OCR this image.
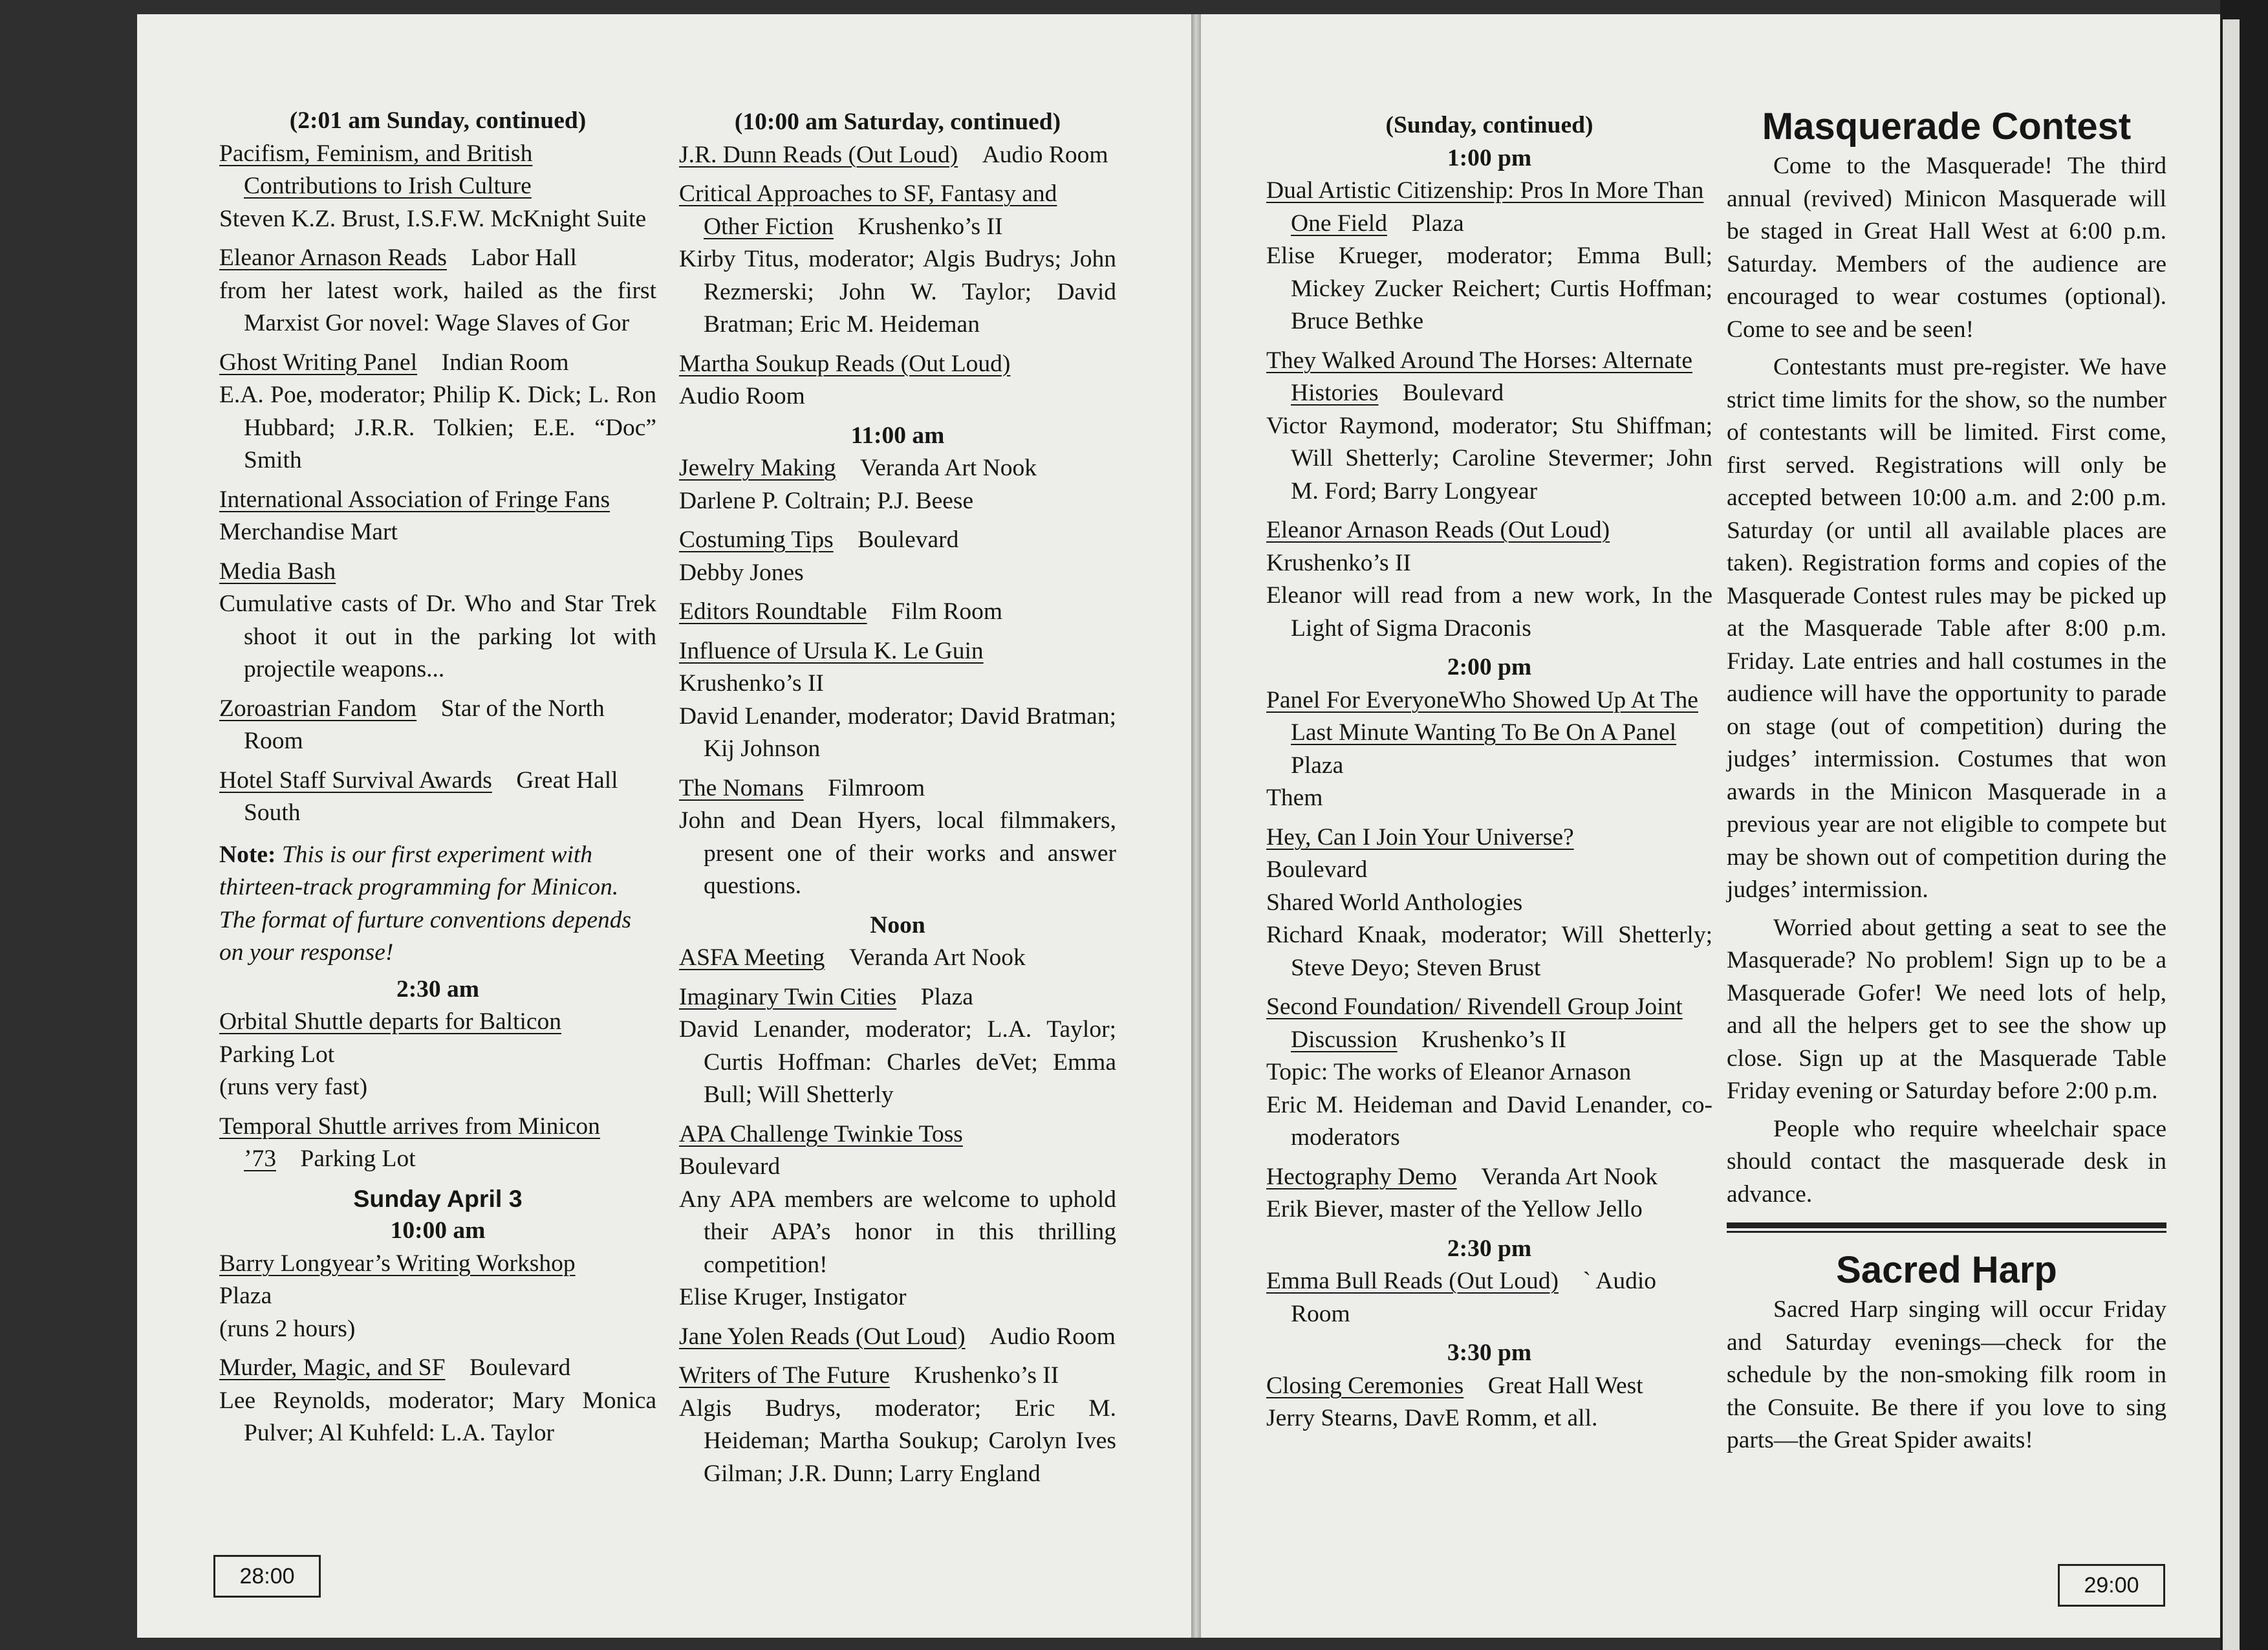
(2:01 am Sunday, continued)
Pacifism, Feminism, and British Contributions to Irish Culture
Steven K.Z. Brust, I.S.F.W. McKnight Suite
Eleanor Arnason Reads  Labor Hall
from her latest work, hailed as the first Marxist Gor novel: Wage Slaves of Gor
Ghost Writing Panel  Indian Room
E.A. Poe, moderator; Philip K. Dick; L. Ron Hubbard; J.R.R. Tolkien; E.E. “Doc” Smith
International Association of Fringe Fans
Merchandise Mart
Media Bash
Cumulative casts of Dr. Who and Star Trek shoot it out in the parking lot with projectile weapons...
Zoroastrian Fandom  Star of the North Room
Hotel Staff Survival Awards  Great Hall South
Note: This is our first experiment with thirteen-track programming for Minicon. The format of furture conventions depends on your response!
2:30 am
Orbital Shuttle departs for Balticon
Parking Lot
(runs very fast)
Temporal Shuttle arrives from Minicon ’73  Parking Lot
Sunday April 3
10:00 am
Barry Longyear’s Writing Workshop
Plaza
(runs 2 hours)
Murder, Magic, and SF  Boulevard
Lee Reynolds, moderator; Mary Monica Pulver; Al Kuhfeld: L.A. Taylor
(10:00 am Saturday, continued)
J.R. Dunn Reads (Out Loud)  Audio Room
Critical Approaches to SF, Fantasy and Other Fiction  Krushenko’s II
Kirby Titus, moderator; Algis Budrys; John Rezmerski; John W. Taylor; David Bratman; Eric M. Heideman
Martha Soukup Reads (Out Loud)
Audio Room
11:00 am
Jewelry Making  Veranda Art Nook
Darlene P. Coltrain; P.J. Beese
Costuming Tips  Boulevard
Debby Jones
Editors Roundtable  Film Room
Influence of Ursula K. Le Guin
Krushenko’s II
David Lenander, moderator; David Bratman; Kij Johnson
The Nomans  Filmroom
John and Dean Hyers, local filmmakers, present one of their works and answer questions.
Noon
ASFA Meeting  Veranda Art Nook
Imaginary Twin Cities  Plaza
David Lenander, moderator; L.A. Taylor; Curtis Hoffman: Charles deVet; Emma Bull; Will Shetterly
APA Challenge Twinkie Toss
Boulevard
Any APA members are welcome to uphold their APA’s honor in this thrilling competition!
Elise Kruger, Instigator
Jane Yolen Reads (Out Loud)  Audio Room
Writers of The Future  Krushenko’s II
Algis Budrys, moderator; Eric M. Heideman; Martha Soukup; Carolyn Ives Gilman; J.R. Dunn; Larry England
28:00
(Sunday, continued)
1:00 pm
Dual Artistic Citizenship: Pros In More Than One Field  Plaza
Elise Krueger, moderator; Emma Bull; Mickey Zucker Reichert; Curtis Hoffman; Bruce Bethke
They Walked Around The Horses: Alternate Histories  Boulevard
Victor Raymond, moderator; Stu Shiffman; Will Shetterly; Caroline Stevermer; John M. Ford; Barry Longyear
Eleanor Arnason Reads (Out Loud)
Krushenko’s II
Eleanor will read from a new work, In the Light of Sigma Draconis
2:00 pm
Panel For EveryoneWho Showed Up At The Last Minute Wanting To Be On A Panel Plaza
Them
Hey, Can I Join Your Universe?
Boulevard
Shared World Anthologies
Richard Knaak, moderator; Will Shetterly; Steve Deyo; Steven Brust
Second Foundation/ Rivendell Group Joint Discussion  Krushenko’s II
Topic: The works of Eleanor Arnason
Eric M. Heideman and David Lenander, co-moderators
Hectography Demo  Veranda Art Nook
Erik Biever, master of the Yellow Jello
2:30 pm
Emma Bull Reads (Out Loud)  ` Audio Room
3:30 pm
Closing Ceremonies  Great Hall West
Jerry Stearns, DavE Romm, et all.
Masquerade Contest

Come to the Masquerade! The third annual (revived) Minicon Masquerade will be staged in Great Hall West at 6:00 p.m. Saturday. Members of the audience are encouraged to wear costumes (optional). Come to see and be seen!

Contestants must pre-register. We have strict time limits for the show, so the number of contestants will be limited. First come, first served. Registrations will only be accepted between 10:00 a.m. and 2:00 p.m. Saturday (or until all available places are taken). Registration forms and copies of the Masquerade Contest rules may be picked up at the Masquerade Table after 8:00 p.m. Friday. Late entries and hall costumes in the audience will have the opportunity to parade on stage (out of competition) during the judges’ intermission. Costumes that won awards in the Minicon Masquerade in a previous year are not eligible to compete but may be shown out of competition during the judges’ intermission.

Worried about getting a seat to see the Masquerade? No problem! Sign up to be a Masquerade Gofer! We need lots of help, and all the helpers get to see the show up close. Sign up at the Masquerade Table Friday evening or Saturday before 2:00 p.m.

People who require wheelchair space should contact the masquerade desk in advance.

Sacred Harp

Sacred Harp singing will occur Friday and Saturday evenings—check for the schedule by the non-smoking filk room in the Consuite. Be there if you love to sing parts—the Great Spider awaits!

29:00
